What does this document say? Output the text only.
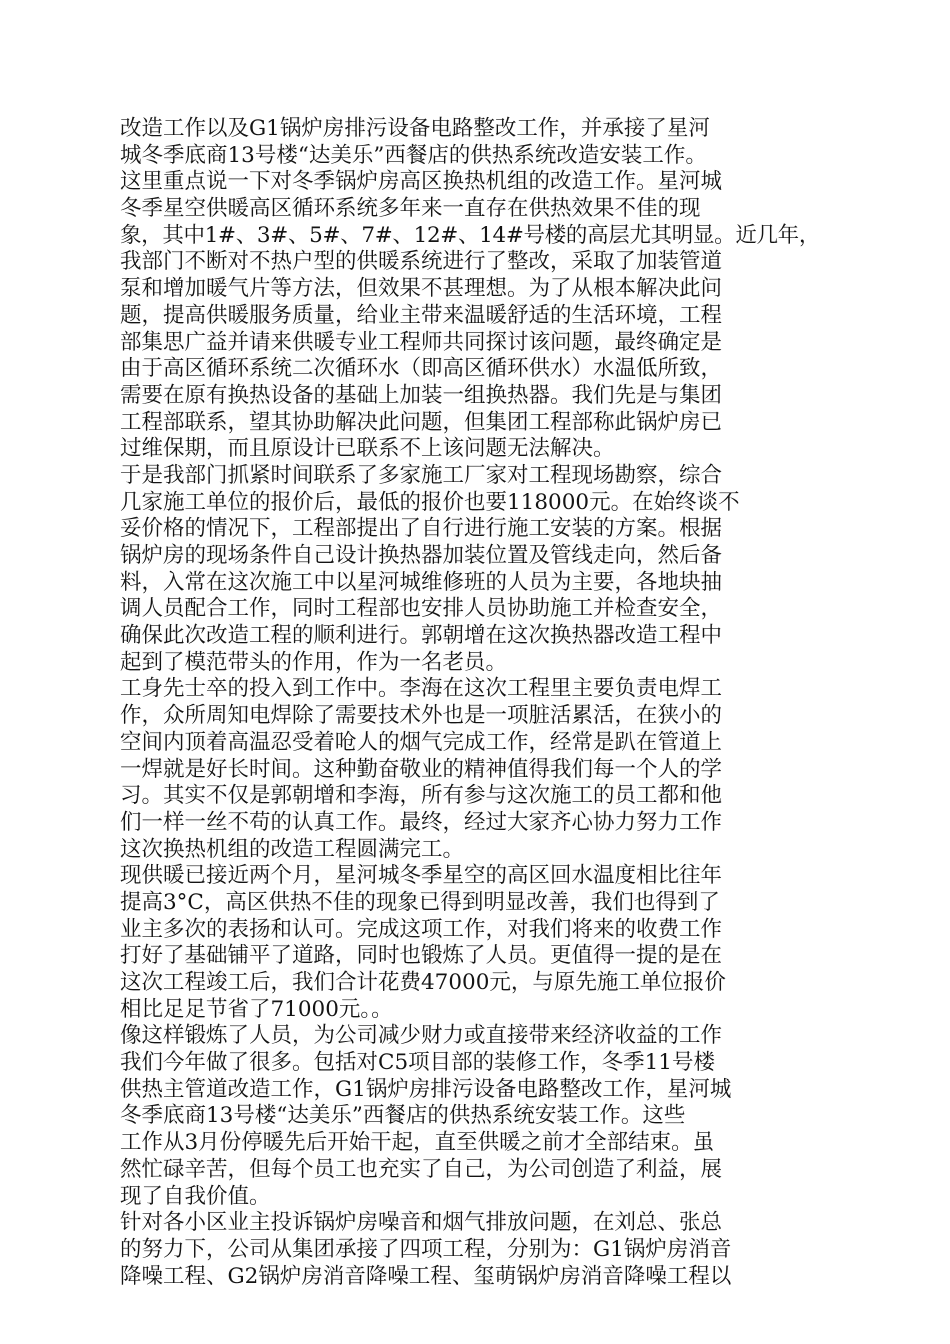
改造工作以及G1锅炉房排污设备电路整改工作，并承接了星河
城冬季底商13号楼“达美乐”西餐店的供热系统改造安装工作。
这里重点说一下对冬季锅炉房高区换热机组的改造工作。星河城
冬季星空供暖高区循环系统多年来一直存在供热效果不佳的现
象，其中1#、3#、5#、7#、12#、14#号楼的高层尤其明显。近几年，
我部门不断对不热户型的供暖系统进行了整改，采取了加装管道
泵和增加暖气片等方法，但效果不甚理想。为了从根本解决此问
题，提高供暖服务质量，给业主带来温暖舒适的生活环境，工程
部集思广益并请来供暖专业工程师共同探讨该问题，最终确定是
由于高区循环系统二次循环水（即高区循环供水）水温低所致，
需要在原有换热设备的基础上加装一组换热器。我们先是与集团
工程部联系，望其协助解决此问题，但集团工程部称此锅炉房已
过维保期，而且原设计已联系不上该问题无法解决。
于是我部门抓紧时间联系了多家施工厂家对工程现场勘察，综合
几家施工单位的报价后，最低的报价也要118000元。在始终谈不
妥价格的情况下，工程部提出了自行进行施工安装的方案。根据
锅炉房的现场条件自己设计换热器加装位置及管线走向，然后备
料，入常在这次施工中以星河城维修班的人员为主要，各地块抽
调人员配合工作，同时工程部也安排人员协助施工并检查安全，
确保此次改造工程的顺利进行。郭朝增在这次换热器改造工程中
起到了模范带头的作用，作为一名老员。
工身先士卒的投入到工作中。李海在这次工程里主要负责电焊工
作，众所周知电焊除了需要技术外也是一项脏活累活，在狭小的
空间内顶着高温忍受着呛人的烟气完成工作，经常是趴在管道上
一焊就是好长时间。这种勤奋敬业的精神值得我们每一个人的学
习。其实不仅是郭朝增和李海，所有参与这次施工的员工都和他
们一样一丝不苟的认真工作。最终，经过大家齐心协力努力工作
这次换热机组的改造工程圆满完工。
现供暖已接近两个月，星河城冬季星空的高区回水温度相比往年
提高3°C，高区供热不佳的现象已得到明显改善，我们也得到了
业主多次的表扬和认可。完成这项工作，对我们将来的收费工作
打好了基础铺平了道路，同时也锻炼了人员。更值得一提的是在
这次工程竣工后，我们合计花费47000元，与原先施工单位报价
相比足足节省了71000元。。
像这样锻炼了人员，为公司减少财力或直接带来经济收益的工作
我们今年做了很多。包括对C5项目部的装修工作，冬季11号楼
供热主管道改造工作，G1锅炉房排污设备电路整改工作，星河城
冬季底商13号楼“达美乐”西餐店的供热系统安装工作。这些
工作从3月份停暖先后开始干起，直至供暖之前才全部结束。虽
然忙碌辛苦，但每个员工也充实了自己，为公司创造了利益，展
现了自我价值。
针对各小区业主投诉锅炉房噪音和烟气排放问题，在刘总、张总
的努力下，公司从集团承接了四项工程，分别为：G1锅炉房消音
降噪工程、G2锅炉房消音降噪工程、玺萌锅炉房消音降噪工程以
